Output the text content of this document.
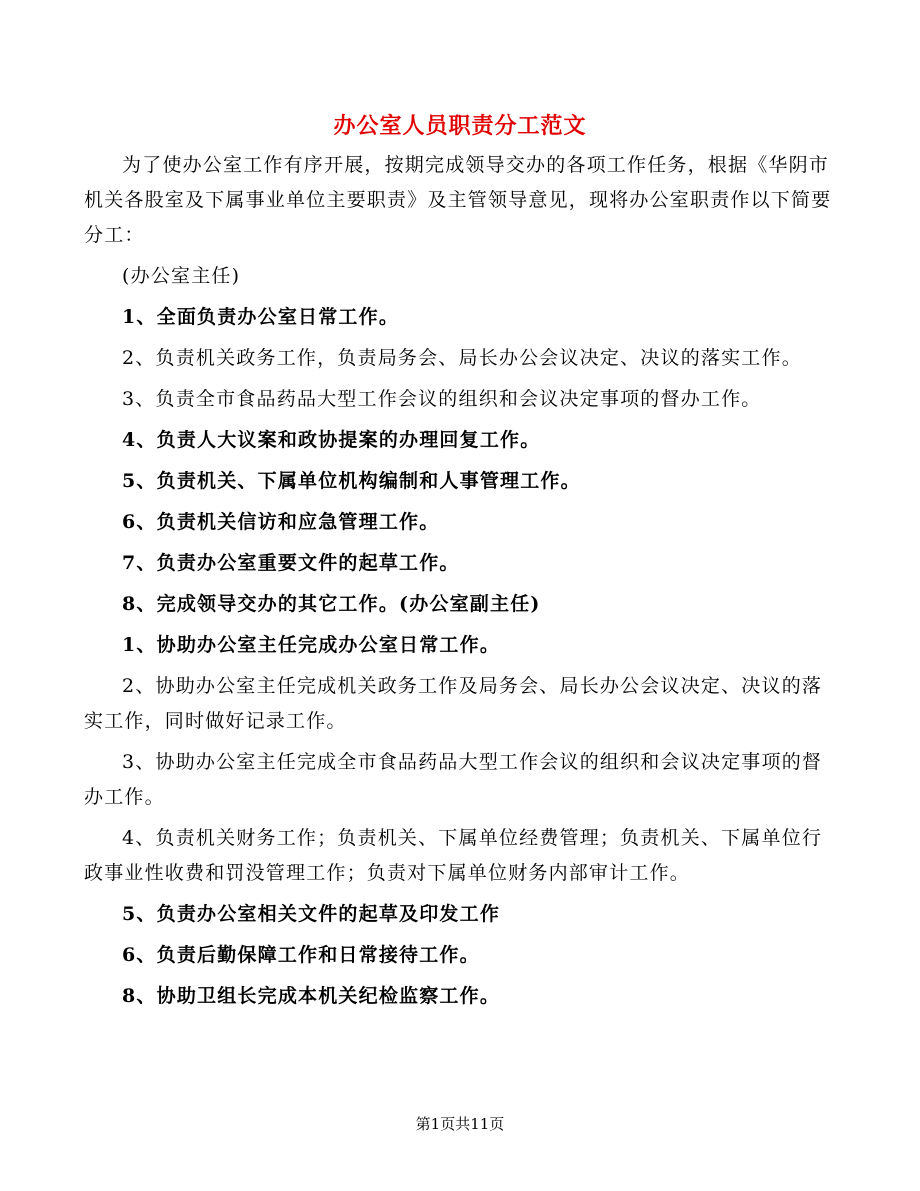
办公室人员职责分工范文

为了使办公室工作有序开展，按期完成领导交办的各项工作任务，根据《华阴市机关各股室及下属事业单位主要职责》及主管领导意见，现将办公室职责作以下简要分工：

(办公室主任)

1、全面负责办公室日常工作。

2、负责机关政务工作，负责局务会、局长办公会议决定、决议的落实工作。

3、负责全市食品药品大型工作会议的组织和会议决定事项的督办工作。

4、负责人大议案和政协提案的办理回复工作。

5、负责机关、下属单位机构编制和人事管理工作。

6、负责机关信访和应急管理工作。

7、负责办公室重要文件的起草工作。

8、完成领导交办的其它工作。(办公室副主任)

1、协助办公室主任完成办公室日常工作。

2、协助办公室主任完成机关政务工作及局务会、局长办公会议决定、决议的落实工作，同时做好记录工作。

3、协助办公室主任完成全市食品药品大型工作会议的组织和会议决定事项的督办工作。

4、负责机关财务工作；负责机关、下属单位经费管理；负责机关、下属单位行政事业性收费和罚没管理工作；负责对下属单位财务内部审计工作。

5、负责办公室相关文件的起草及印发工作

6、负责后勤保障工作和日常接待工作。

8、协助卫组长完成本机关纪检监察工作。

第1页共11页
